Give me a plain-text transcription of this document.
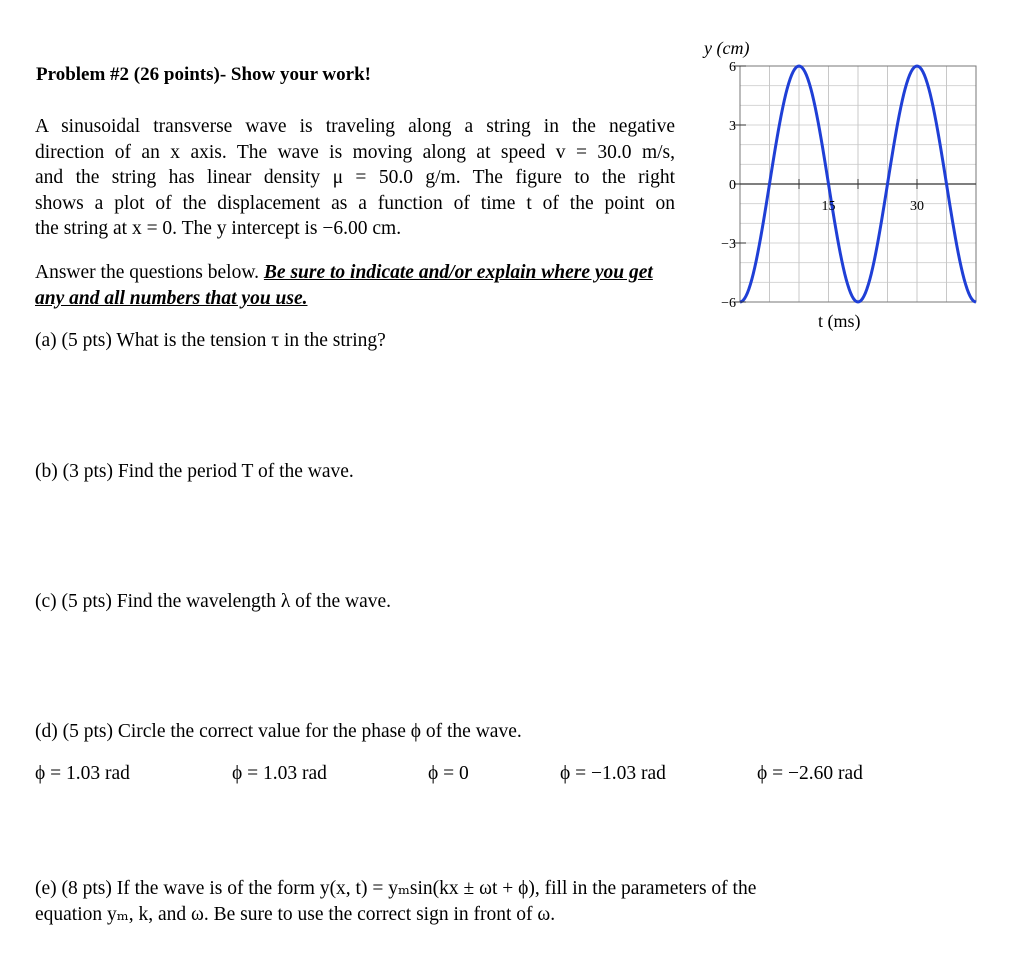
Problem #2 (26 points)- Show your work!
A sinusoidal transverse wave is traveling along a string in the negative
direction of an x axis. The wave is moving along at speed v = 30.0 m/s,
and the string has linear density μ = 50.0 g/m. The figure to the right
shows a plot of the displacement as a function of time t of the point on
the string at x = 0. The y intercept is −6.00 cm.
Answer the questions below. Be sure to indicate and/or explain where you get any and all numbers that you use.
(a) (5 pts) What is the tension τ in the string?
(b) (3 pts) Find the period T of the wave.
(c) (5 pts) Find the wavelength λ of the wave.
(d) (5 pts) Circle the correct value for the phase ϕ of the wave.
ϕ = 1.03 rad	ϕ = 1.03 rad	ϕ = 0	ϕ = −1.03 rad	ϕ = −2.60 rad
(e) (8 pts) If the wave is of the form y(x, t) = yₘsin(kx ± ωt + ϕ), fill in the parameters of the
equation yₘ, k, and ω. Be sure to use the correct sign in front of ω.
y (cm)
t (ms)
6
3
0
−3
−6
15	30
